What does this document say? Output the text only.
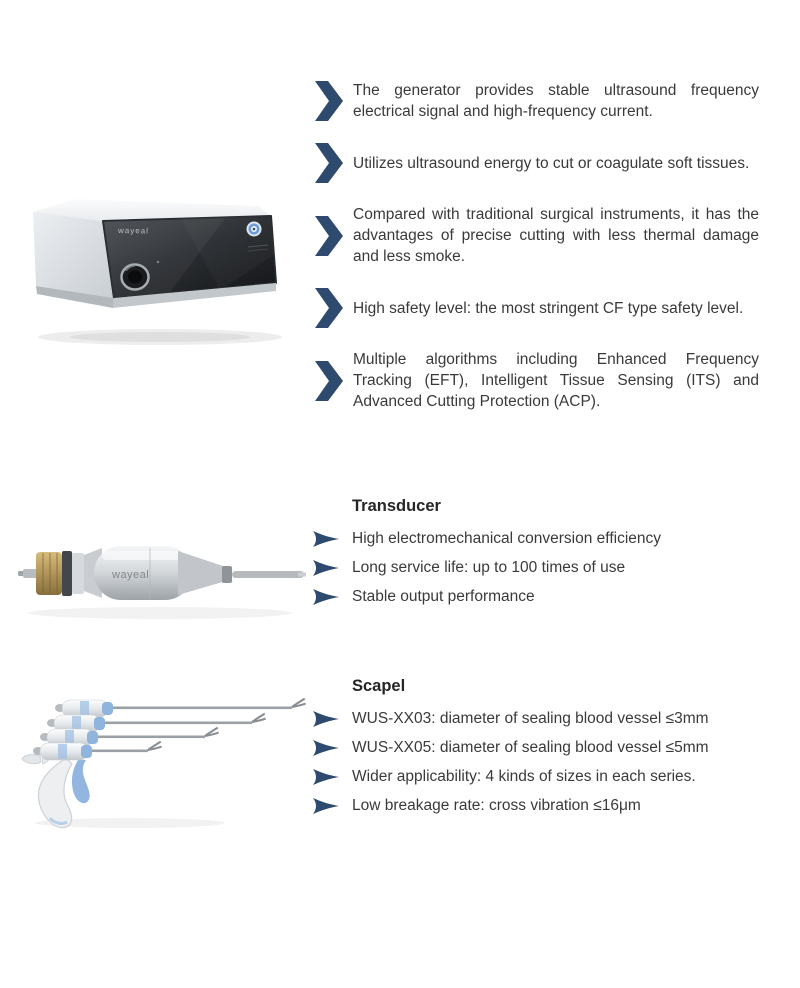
wayeal

The generator provides stable ultrasound frequency electrical signal and high-frequency current.

Utilizes ultrasound energy to cut or coagulate soft tissues.

Compared with traditional surgical instruments, it has the advantages of precise cutting with less thermal damage and less smoke.

High safety level: the most stringent CF type safety level.

Multiple algorithms including Enhanced Frequency Tracking (EFT), Intelligent Tissue Sensing (ITS) and Advanced Cutting Protection (ACP).

wayeal
Transducer
High electromechanical conversion efficiency
Long service life: up to 100 times of use
Stable output performance
Scapel
WUS-XX03: diameter of sealing blood vessel ≤3mm
WUS-XX05: diameter of sealing blood vessel ≤5mm
Wider applicability: 4 kinds of sizes in each series.
Low breakage rate: cross vibration ≤16μm
